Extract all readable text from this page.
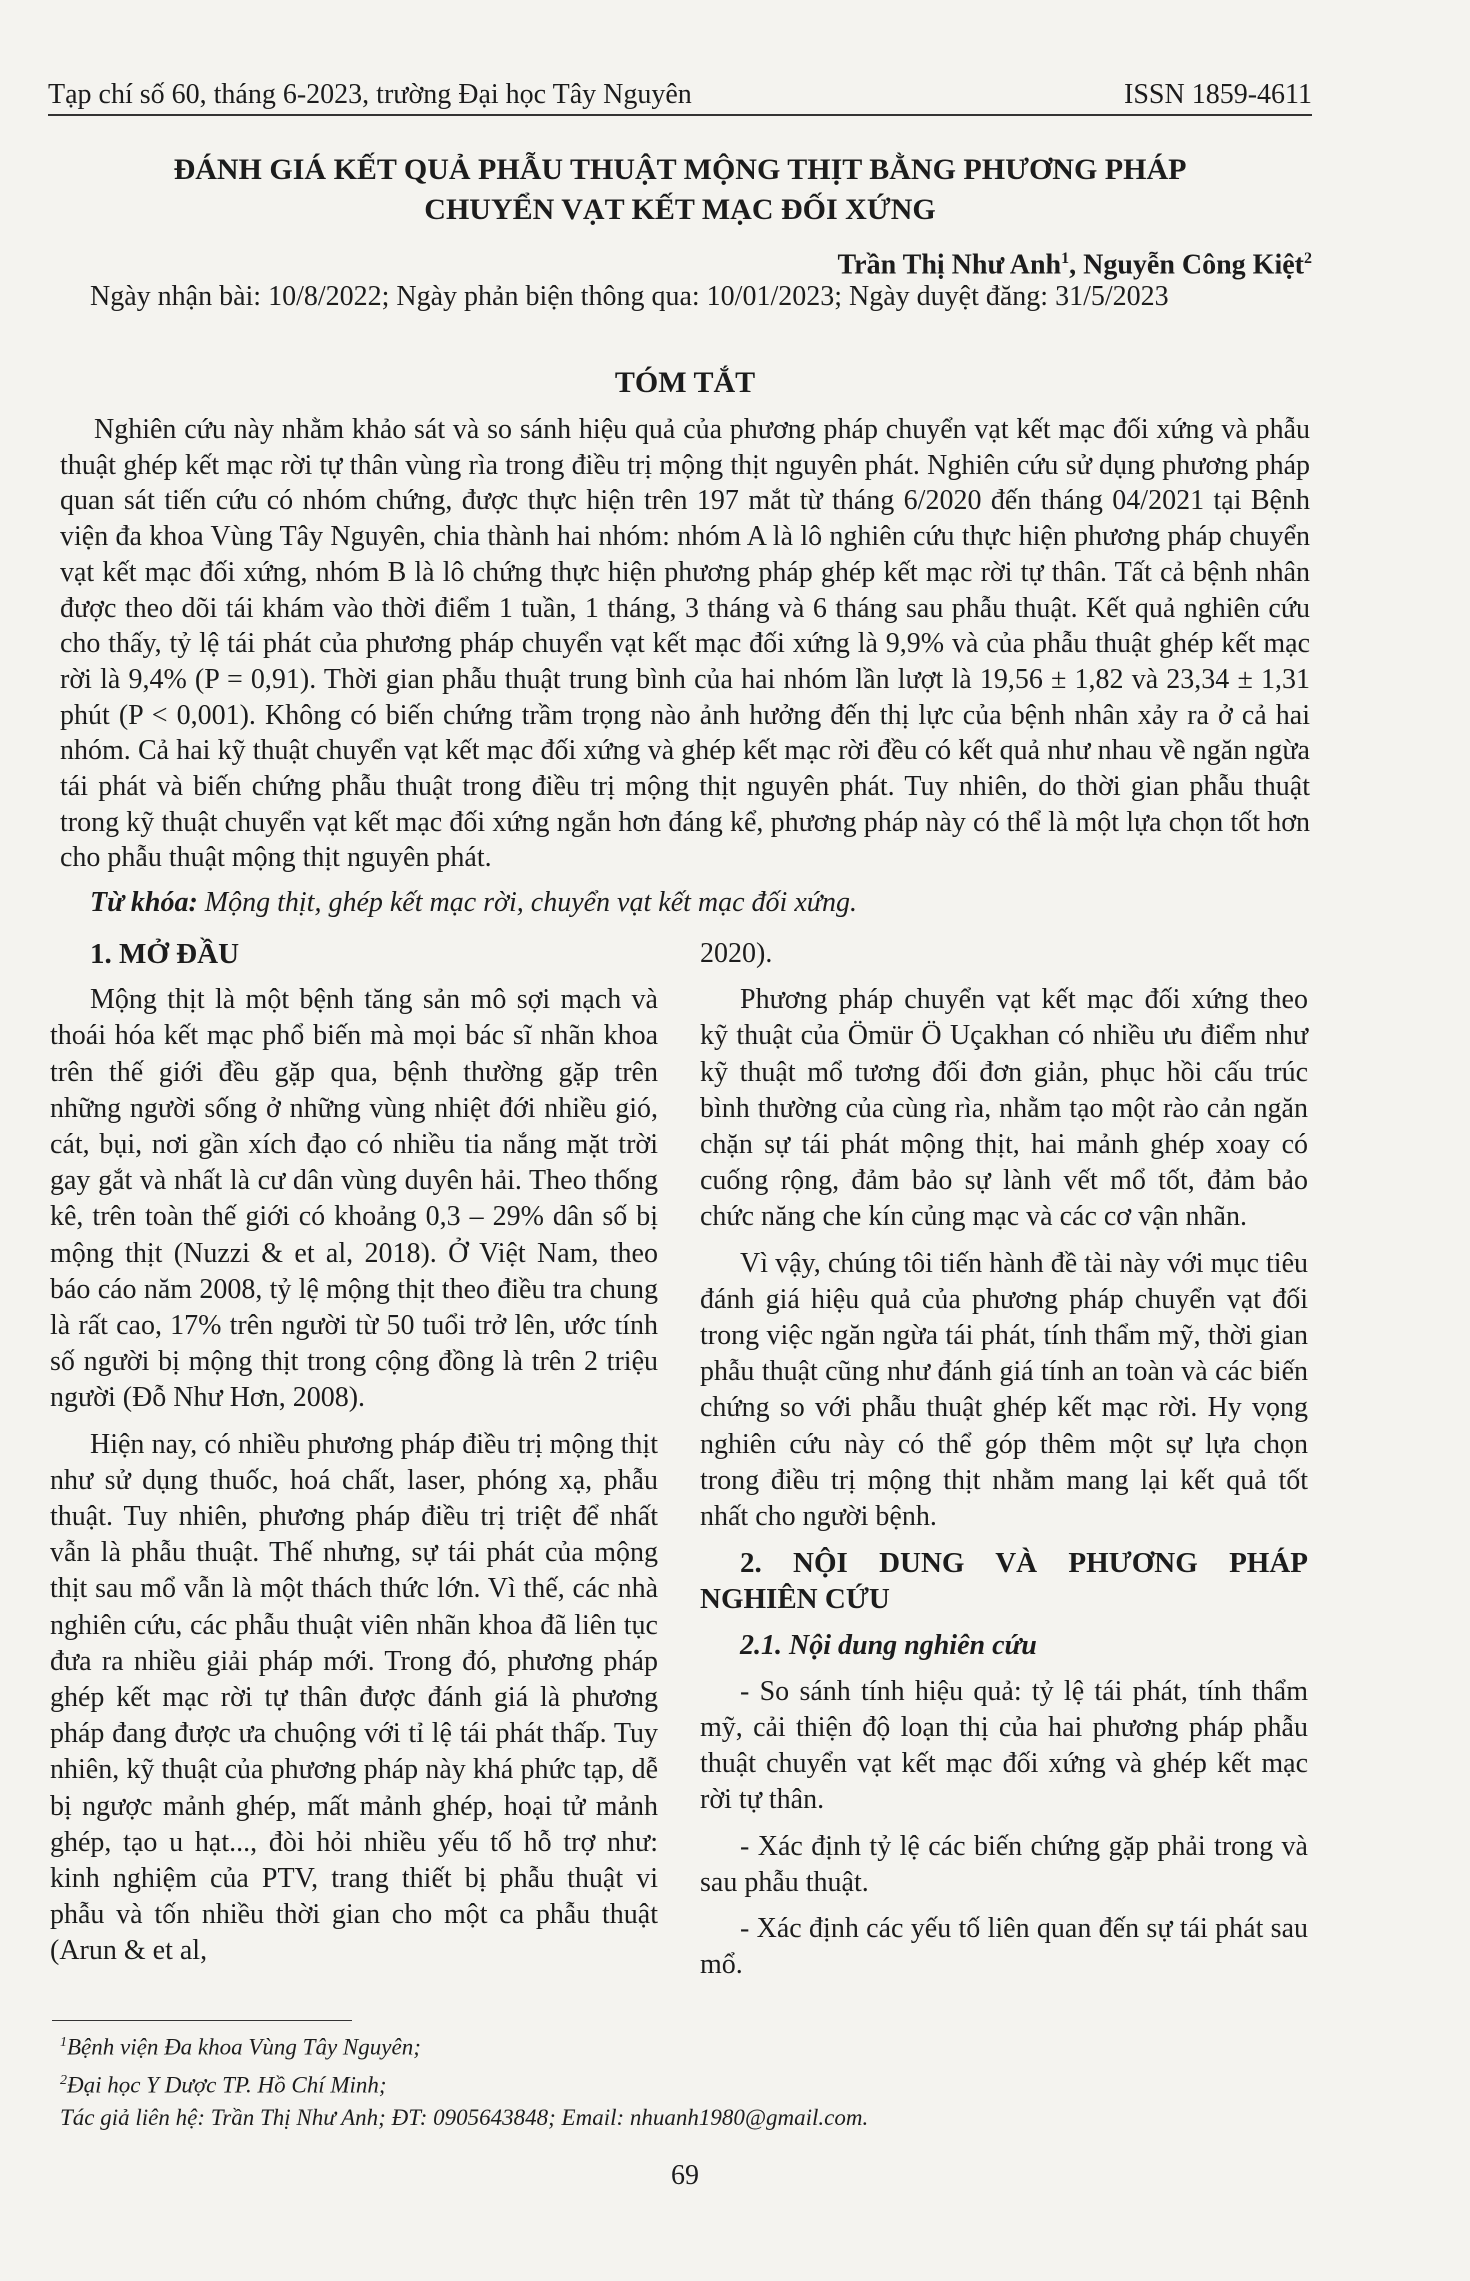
Tạp chí số 60, tháng 6-2023, trường Đại học Tây Nguyên	ISSN 1859-4611
ĐÁNH GIÁ KẾT QUẢ PHẪU THUẬT MỘNG THỊT BẰNG PHƯƠNG PHÁP
CHUYỂN VẠT KẾT MẠC ĐỐI XỨNG
Trần Thị Như Anh$^1$, Nguyễn Công Kiệt$^2$
Ngày nhận bài: 10/8/2022; Ngày phản biện thông qua: 10/01/2023; Ngày duyệt đăng: 31/5/2023
TÓM TẮT

Nghiên cứu này nhằm khảo sát và so sánh hiệu quả của phương pháp chuyển vạt kết mạc đối xứng và phẫu thuật ghép kết mạc rời tự thân vùng rìa trong điều trị mộng thịt nguyên phát. Nghiên cứu sử dụng phương pháp quan sát tiến cứu có nhóm chứng, được thực hiện trên 197 mắt từ tháng 6/2020 đến tháng 04/2021 tại Bệnh viện đa khoa Vùng Tây Nguyên, chia thành hai nhóm: nhóm A là lô nghiên cứu thực hiện phương pháp chuyển vạt kết mạc đối xứng, nhóm B là lô chứng thực hiện phương pháp ghép kết mạc rời tự thân. Tất cả bệnh nhân được theo dõi tái khám vào thời điểm 1 tuần, 1 tháng, 3 tháng và 6 tháng sau phẫu thuật. Kết quả nghiên cứu cho thấy, tỷ lệ tái phát của phương pháp chuyển vạt kết mạc đối xứng là 9,9% và của phẫu thuật ghép kết mạc rời là 9,4% (P = 0,91). Thời gian phẫu thuật trung bình của hai nhóm lần lượt là 19,56 ± 1,82 và 23,34 ± 1,31 phút (P < 0,001). Không có biến chứng trầm trọng nào ảnh hưởng đến thị lực của bệnh nhân xảy ra ở cả hai nhóm. Cả hai kỹ thuật chuyển vạt kết mạc đối xứng và ghép kết mạc rời đều có kết quả như nhau về ngăn ngừa tái phát và biến chứng phẫu thuật trong điều trị mộng thịt nguyên phát. Tuy nhiên, do thời gian phẫu thuật trong kỹ thuật chuyển vạt kết mạc đối xứng ngắn hơn đáng kể, phương pháp này có thể là một lựa chọn tốt hơn cho phẫu thuật mộng thịt nguyên phát.

Từ khóa: Mộng thịt, ghép kết mạc rời, chuyển vạt kết mạc đối xứng.

1. MỞ ĐẦU

Mộng thịt là một bệnh tăng sản mô sợi mạch và thoái hóa kết mạc phổ biến mà mọi bác sĩ nhãn khoa trên thế giới đều gặp qua, bệnh thường gặp trên những người sống ở những vùng nhiệt đới nhiều gió, cát, bụi, nơi gần xích đạo có nhiều tia nắng mặt trời gay gắt và nhất là cư dân vùng duyên hải. Theo thống kê, trên toàn thế giới có khoảng 0,3 – 29% dân số bị mộng thịt (Nuzzi & et al, 2018). Ở Việt Nam, theo báo cáo năm 2008, tỷ lệ mộng thịt theo điều tra chung là rất cao, 17% trên người từ 50 tuổi trở lên, ước tính số người bị mộng thịt trong cộng đồng là trên 2 triệu người (Đỗ Như Hơn, 2008).

Hiện nay, có nhiều phương pháp điều trị mộng thịt như sử dụng thuốc, hoá chất, laser, phóng xạ, phẫu thuật. Tuy nhiên, phương pháp điều trị triệt để nhất vẫn là phẫu thuật. Thế nhưng, sự tái phát của mộng thịt sau mổ vẫn là một thách thức lớn. Vì thế, các nhà nghiên cứu, các phẫu thuật viên nhãn khoa đã liên tục đưa ra nhiều giải pháp mới. Trong đó, phương pháp ghép kết mạc rời tự thân được đánh giá là phương pháp đang được ưa chuộng với tỉ lệ tái phát thấp. Tuy nhiên, kỹ thuật của phương pháp này khá phức tạp, dễ bị ngược mảnh ghép, mất mảnh ghép, hoại tử mảnh ghép, tạo u hạt..., đòi hỏi nhiều yếu tố hỗ trợ như: kinh nghiệm của PTV, trang thiết bị phẫu thuật vi phẫu và tốn nhiều thời gian cho một ca phẫu thuật (Arun & et al,

2020).

Phương pháp chuyển vạt kết mạc đối xứng theo kỹ thuật của Ömür Ö Uçakhan có nhiều ưu điểm như kỹ thuật mổ tương đối đơn giản, phục hồi cấu trúc bình thường của cùng rìa, nhằm tạo một rào cản ngăn chặn sự tái phát mộng thịt, hai mảnh ghép xoay có cuống rộng, đảm bảo sự lành vết mổ tốt, đảm bảo chức năng che kín củng mạc và các cơ vận nhãn.

Vì vậy, chúng tôi tiến hành đề tài này với mục tiêu đánh giá hiệu quả của phương pháp chuyển vạt đối trong việc ngăn ngừa tái phát, tính thẩm mỹ, thời gian phẫu thuật cũng như đánh giá tính an toàn và các biến chứng so với phẫu thuật ghép kết mạc rời. Hy vọng nghiên cứu này có thể góp thêm một sự lựa chọn trong điều trị mộng thịt nhằm mang lại kết quả tốt nhất cho người bệnh.

2. NỘI DUNG VÀ PHƯƠNG PHÁP NGHIÊN CỨU

2.1. Nội dung nghiên cứu

- So sánh tính hiệu quả: tỷ lệ tái phát, tính thẩm mỹ, cải thiện độ loạn thị của hai phương pháp phẫu thuật chuyển vạt kết mạc đối xứng và ghép kết mạc rời tự thân.

- Xác định tỷ lệ các biến chứng gặp phải trong và sau phẫu thuật.

- Xác định các yếu tố liên quan đến sự tái phát sau mổ.

$^1$Bệnh viện Đa khoa Vùng Tây Nguyên;
$^2$Đại học Y Dược TP. Hồ Chí Minh;
Tác giả liên hệ: Trần Thị Như Anh; ĐT: 0905643848; Email: nhuanh1980@gmail.com.
69
